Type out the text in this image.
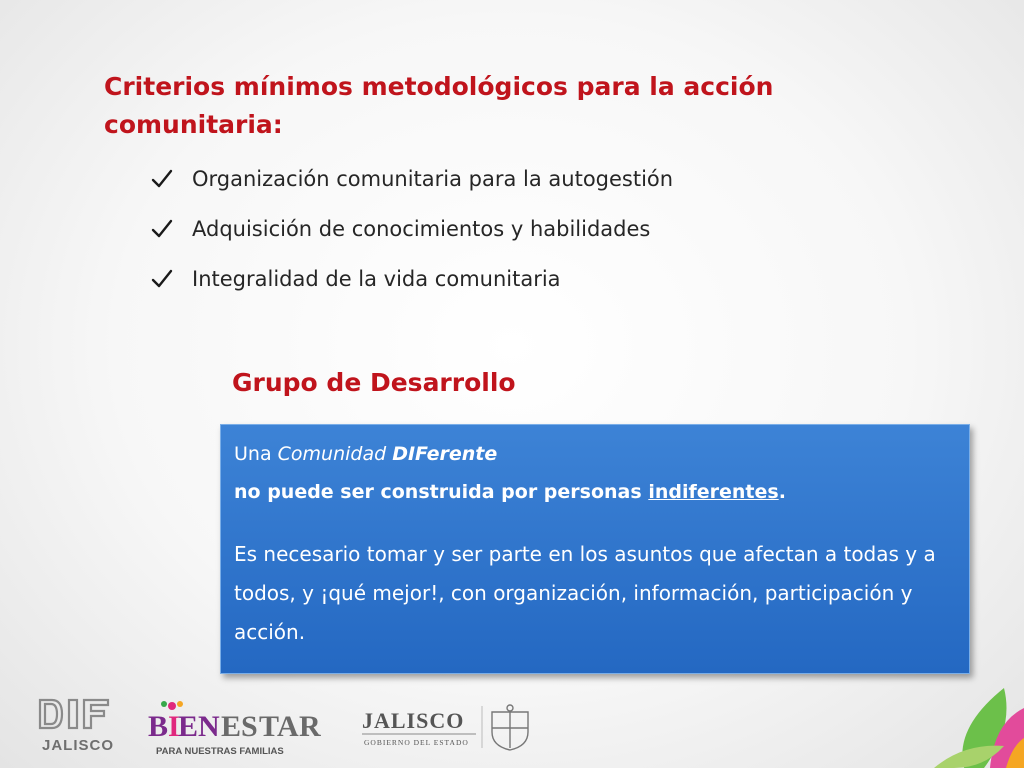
Criterios mínimos metodológicos para la acción comunitaria:
Organización comunitaria para la autogestión
Adquisición de conocimientos y habilidades
Integralidad de la vida comunitaria
Grupo de Desarrollo

Una Comunidad DIFerente

no puede ser construida por personas indiferentes.

Es necesario tomar y ser parte en los asuntos que afectan a todas y a todos, y ¡qué mejor!, con organización, información, participación y acción.

JALISCO
B I
E N E S T
A R
PARA NUESTRAS FAMILIAS
JALISCO
GOBIERNO DEL ESTADO
